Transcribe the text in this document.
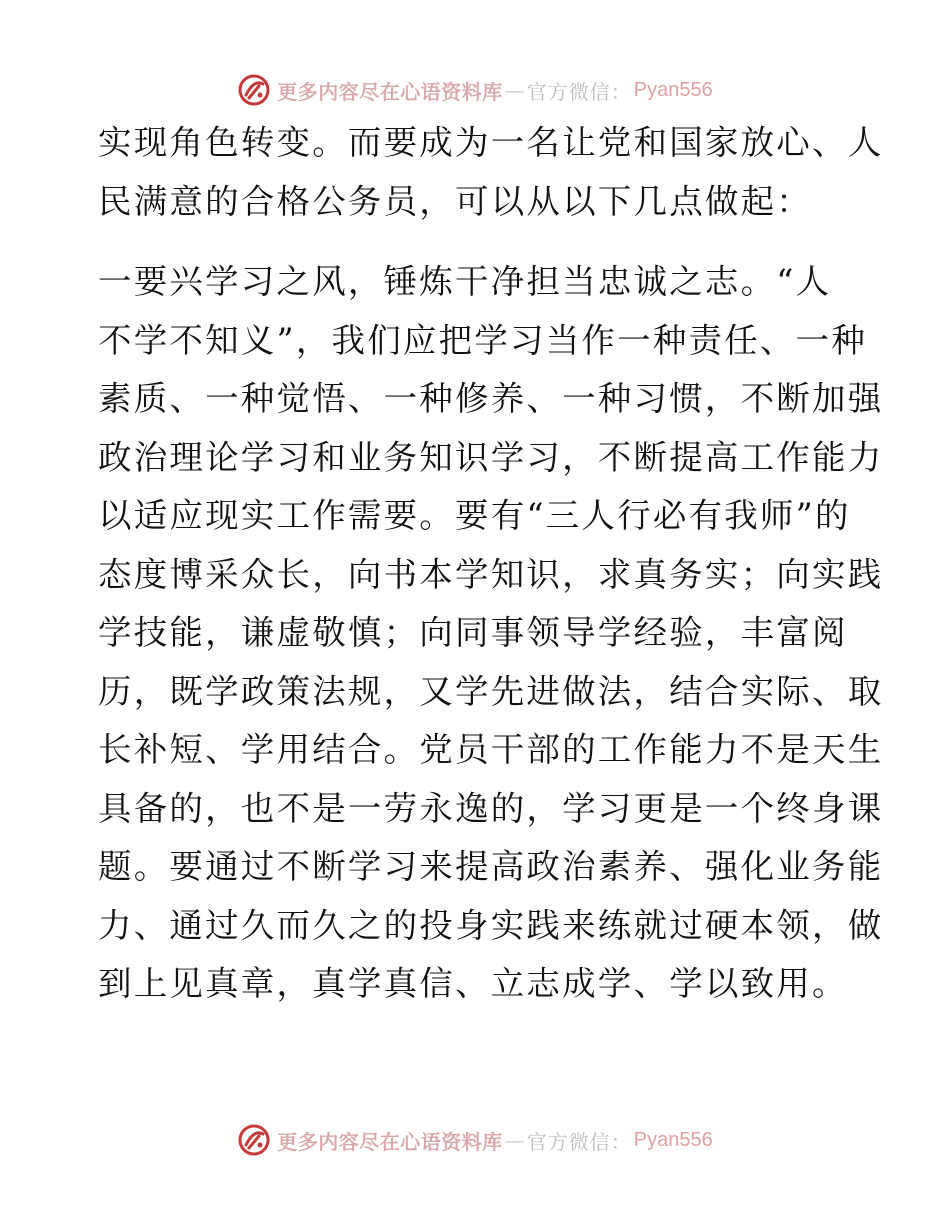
更多内容尽在心语资料库 — 官方微信： Pyan556
实现角色转变。而要成为一名让党和国家放心、人
民满意的合格公务员，可以从以下几点做起：
一要兴学习之风，锤炼干净担当忠诚之志。“人
不学不知义”，我们应把学习当作一种责任、一种
素质、一种觉悟、一种修养、一种习惯，不断加强
政治理论学习和业务知识学习，不断提高工作能力
以适应现实工作需要。要有“三人行必有我师”的
态度博采众长，向书本学知识，求真务实；向实践
学技能，谦虚敬慎；向同事领导学经验，丰富阅
历，既学政策法规，又学先进做法，结合实际、取
长补短、学用结合。党员干部的工作能力不是天生
具备的，也不是一劳永逸的，学习更是一个终身课
题。要通过不断学习来提高政治素养、强化业务能
力、通过久而久之的投身实践来练就过硬本领，做
到上见真章，真学真信、立志成学、学以致用。
更多内容尽在心语资料库 — 官方微信： Pyan556
